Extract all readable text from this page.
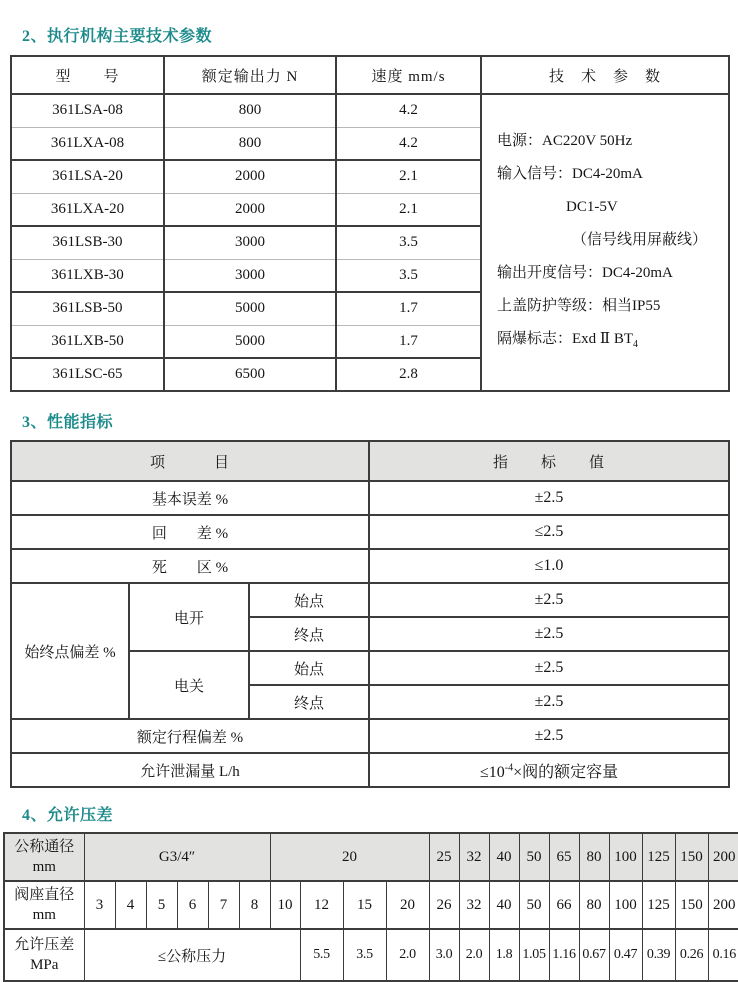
2、执行机构主要技术参数
型　　号	额定输出力 N	速度 mm/s	技　术　参　数
361LSA-08	800	4.2	
电源：AC220V 50Hz
输入信号：DC4-20mA
DC1-5V
（信号线用屏蔽线）
输出开度信号：DC4-20mA
上盖防护等级：相当IP55
隔爆标志：Exd Ⅱ $BT_4$

361LXA-08	800	4.2	
361LSA-20	2000	2.1	
361LXA-20	2000	2.1	
361LSB-30	3000	3.5	
361LXB-30	3000	3.5	
361LSB-50	5000	1.7	
361LXB-50	5000	1.7	
361LSC-65	6500	2.8	
3、性能指标
项　　　目			指　　标　　值
基本误差 %			±2.5
回　　差 %			≤2.5
死　　区 %			≤1.0
始终点偏差 %	电开	始点	±2.5
		终点	±2.5
	电关	始点	±2.5
		终点	±2.5
额定行程偏差 %			±2.5
允许泄漏量 L/h			$\le 10^{-4}\times$阀的额定容量
4、允许压差
公称通径
mm	G3/4″						20				25	32	40	50	65	80	100	125	150	200

阀座直径
mm	3	4	5	6	7	8	10	12	15	20	26	32	40	50	66	80	100	125	150	200

允许压差
MPa	≤公称压力							5.5	3.5	2.0	3.0	2.0	1.8	1.05	1.16	0.67	0.47	0.39	0.26	0.16
